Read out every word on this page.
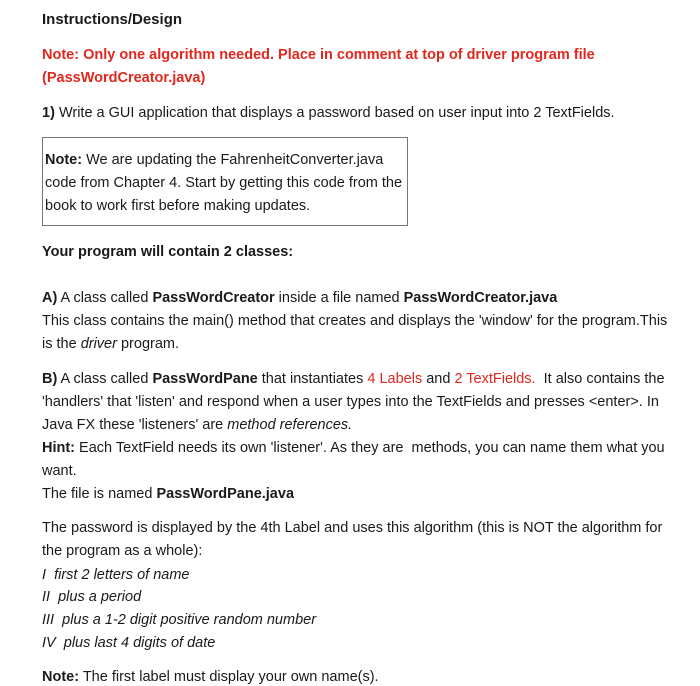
Instructions/Design
Note: Only one algorithm needed. Place in comment at top of driver program file
(PassWordCreator.java)
1) Write a GUI application that displays a password based on user input into 2 TextFields.
Note: We are updating the FahrenheitConverter.java
code from Chapter 4. Start by getting this code from the
book to work first before making updates.
Your program will contain 2 classes:
A) A class called PassWordCreator inside a file named PassWordCreator.java
This class contains the main() method that creates and displays the 'window' for the program.This
is the driver program.
B) A class called PassWordPane that instantiates 4 Labels and 2 TextFields.  It also contains the
'handlers' that 'listen' and respond when a user types into the TextFields and presses <enter>. In
Java FX these 'listeners' are method references.
Hint: Each TextField needs its own 'listener'. As they are  methods, you can name them what you
want.
The file is named PassWordPane.java
The password is displayed by the 4th Label and uses this algorithm (this is NOT the algorithm for
the program as a whole):
I  first 2 letters of name
II  plus a period
III  plus a 1-2 digit positive random number
IV  plus last 4 digits of date
Note: The first label must display your own name(s).
